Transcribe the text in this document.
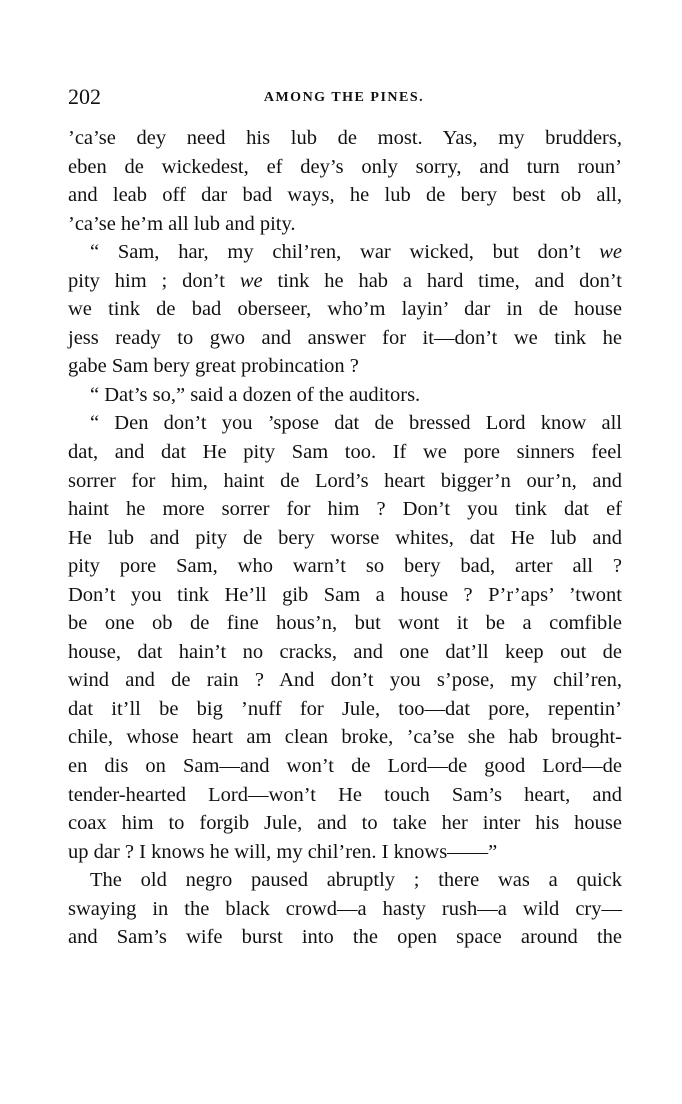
202	AMONG THE PINES.
’ca’se dey need his lub de most. Yas, my brudders,
eben de wickedest, ef dey’s only sorry, and turn roun’
and leab off dar bad ways, he lub de bery best ob all,
’ca’se he’m all lub and pity.
“ Sam, har, my chil’ren, war wicked, but don’t we
pity him ; don’t we tink he hab a hard time, and don’t
we tink de bad oberseer, who’m layin’ dar in de house
jess ready to gwo and answer for it—don’t we tink he
gabe Sam bery great probincation ?
“ Dat’s so,” said a dozen of the auditors.
“ Den don’t you ’spose dat de bressed Lord know all
dat, and dat He pity Sam too. If we pore sinners feel
sorrer for him, haint de Lord’s heart bigger’n our’n, and
haint he more sorrer for him ? Don’t you tink dat ef
He lub and pity de bery worse whites, dat He lub and
pity pore Sam, who warn’t so bery bad, arter all ?
Don’t you tink He’ll gib Sam a house ? P’r’aps’ ’twont
be one ob de fine hous’n, but wont it be a comfible
house, dat hain’t no cracks, and one dat’ll keep out de
wind and de rain ? And don’t you s’pose, my chil’ren,
dat it’ll be big ’nuff for Jule, too—dat pore, repentin’
chile, whose heart am clean broke, ’ca’se she hab brought-
en dis on Sam—and won’t de Lord—de good Lord—de
tender-hearted Lord—won’t He touch Sam’s heart, and
coax him to forgib Jule, and to take her inter his house
up dar ? I knows he will, my chil’ren. I knows——”
The old negro paused abruptly ; there was a quick
swaying in the black crowd—a hasty rush—a wild cry—
and Sam’s wife burst into the open space around the
